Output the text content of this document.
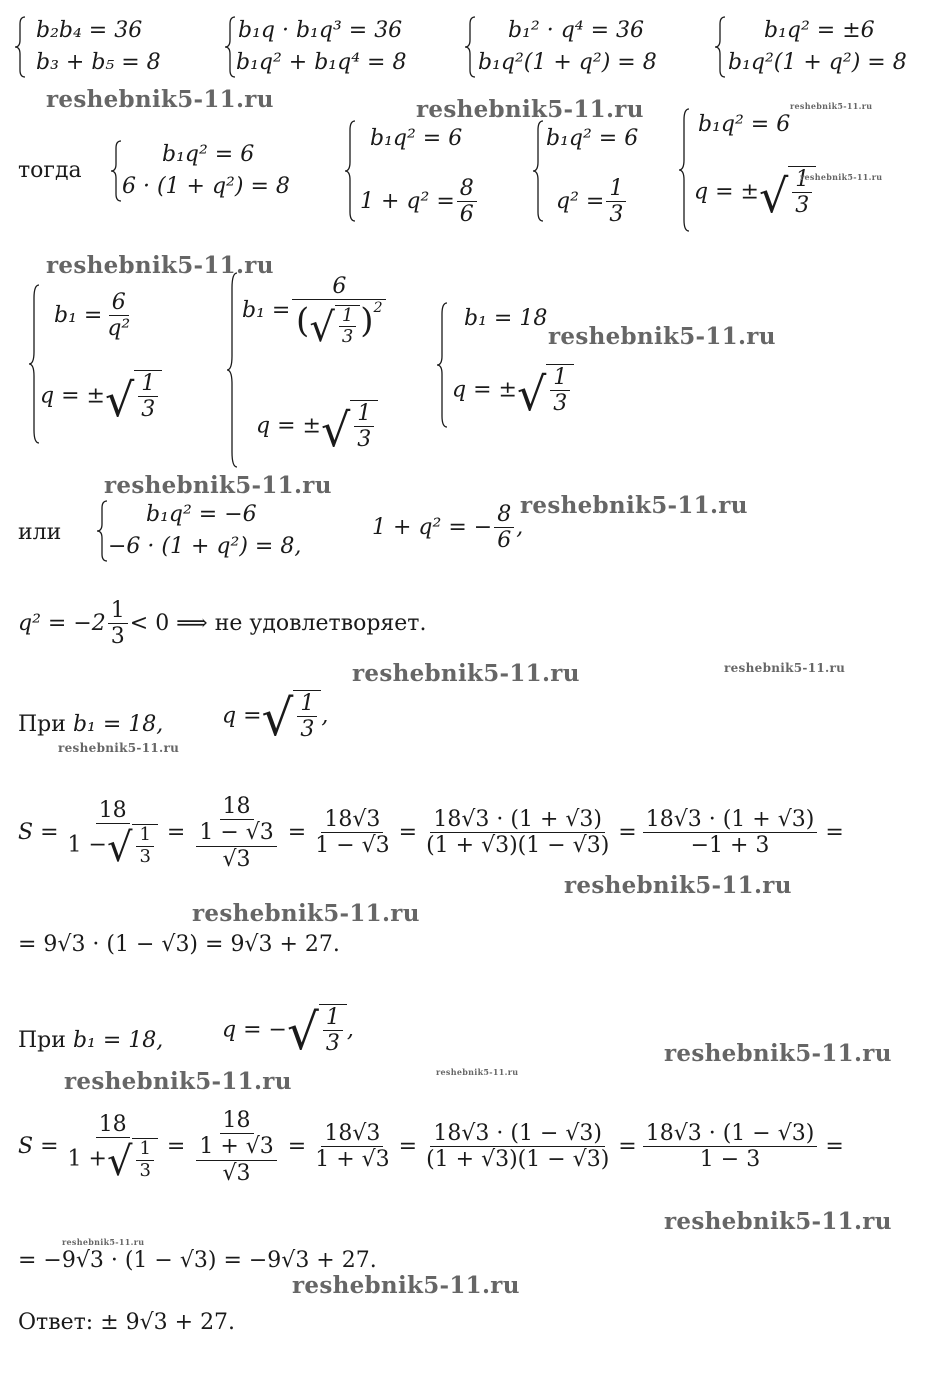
b₂b₄ = 36
b₃ + b₅ = 8
b₁q · b₁q³ = 36
b₁q² + b₁q⁴ = 8
b₁² · q⁴ = 36
b₁q²(1 + q²) = 8
b₁q² = ±6
b₁q²(1 + q²) = 8
reshebnik5-11.ru	reshebnik5-11.ru	reshebnik5-11.ru
тогда
b₁q² = 6
6 · (1 + q²) = 8
b₁q² = 6
$1 + q^2 = \frac{8}{6}$
b₁q² = 6
$q^2 = \frac{1}{3}$
b₁q² = 6
q = ± √ $\frac{1}{3}$
reshebnik5-11.ru
reshebnik5-11.ru
$b_1 = \frac{6}{\text{q²}}$
q = ± √ $\frac{1}{3}$
$b_1 = \frac{6}{( √ \frac{1}{3} )^2}$
q = ± √ $\frac{1}{3}$
b₁ = 18
q = ± √ $\frac{1}{3}$
reshebnik5-11.ru
reshebnik5-11.ru
или
b₁q² = −6
−6 · (1 + q²) = 8,
1 + q² = − $\frac{8}{6}$ ,
reshebnik5-11.ru
$q^2 = -2 \frac{1}{3} < 0$ ⟹ не удовлетворяет.
reshebnik5-11.ru	reshebnik5-11.ru
При b₁ = 18,	q = √ $\frac{1}{3}$ ,
reshebnik5-11.ru
$S = \frac{18}{1 - √ \frac{1}{3}} = \frac{18}{\frac{1 - √3}{√3}} = \frac{18√3}{1 - √3} = \frac{18√3 \cdot (1 + √3)}{(1 + √3)(1 - √3)} = \frac{18√3 \cdot (1 + √3)}{-1 + 3}$ =
reshebnik5-11.ru
reshebnik5-11.ru
= 9√3 · (1 − √3) = 9√3 + 27.
При b₁ = 18,	q = − √ $\frac{1}{3}$ ,
reshebnik5-11.ru
reshebnik5-11.ru	reshebnik5-11.ru
$S = \frac{18}{1 + √ \frac{1}{3}} = \frac{18}{\frac{1 + √3}{√3}} = \frac{18√3}{1 + √3} = \frac{18√3 \cdot (1 - √3)}{(1 + √3)(1 - √3)} = \frac{18√3 \cdot (1 - √3)}{1 - 3}$ =
reshebnik5-11.ru
reshebnik5-11.ru
= −9√3 · (1 − √3) = −9√3 + 27.
reshebnik5-11.ru
Ответ: ± 9√3 + 27.
